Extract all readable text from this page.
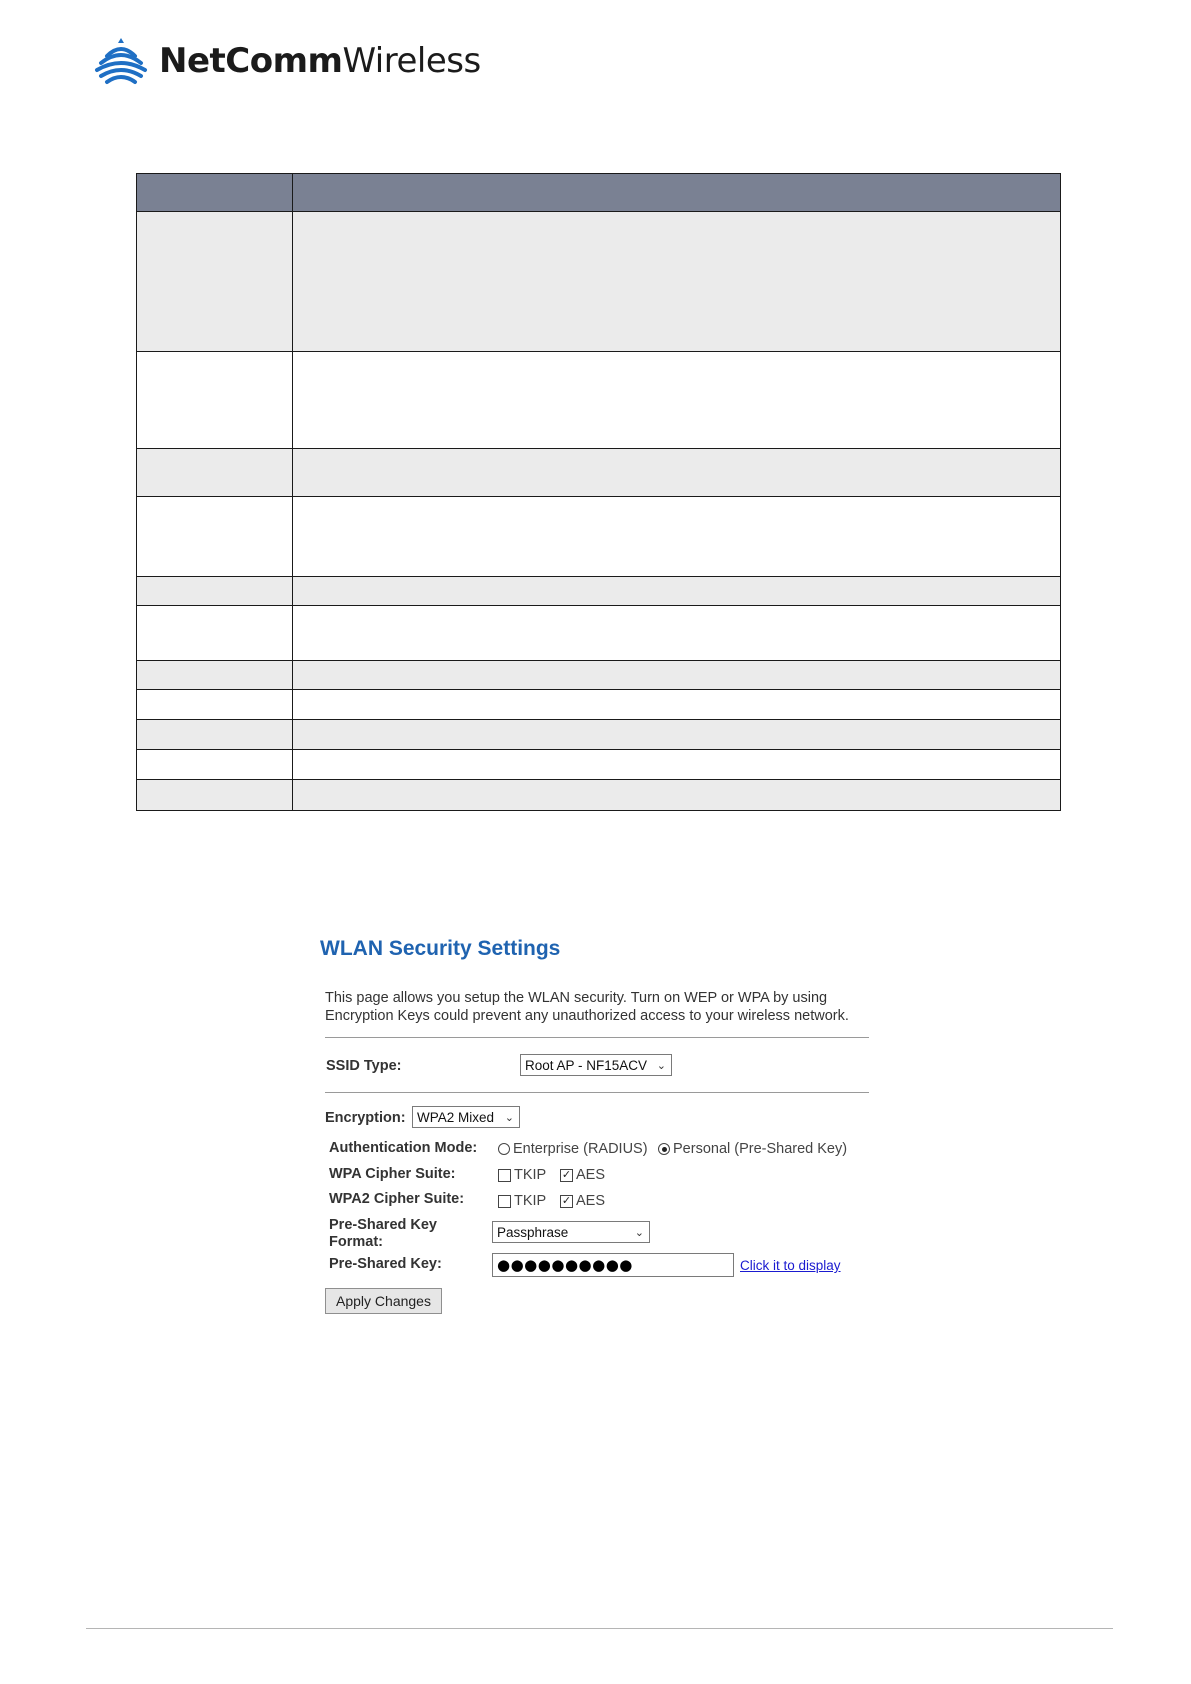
NetCommWireless

WLAN Security Settings
This page allows you setup the WLAN security. Turn on WEP or WPA by using Encryption Keys could prevent any unauthorized access to your wireless network.
SSID Type:	Root AP - NF15ACV ⌄
Encryption: WPA2 Mixed ⌄
Authentication Mode: Enterprise (RADIUS) Personal (Pre-Shared Key)
WPA Cipher Suite:	TKIP ✓ AES
WPA2 Cipher Suite:	TKIP ✓ AES
Pre-Shared Key
Format:
Passphrase	⌄
Pre-Shared Key:	●●●●●●●●●●	Click it to display
Apply Changes
